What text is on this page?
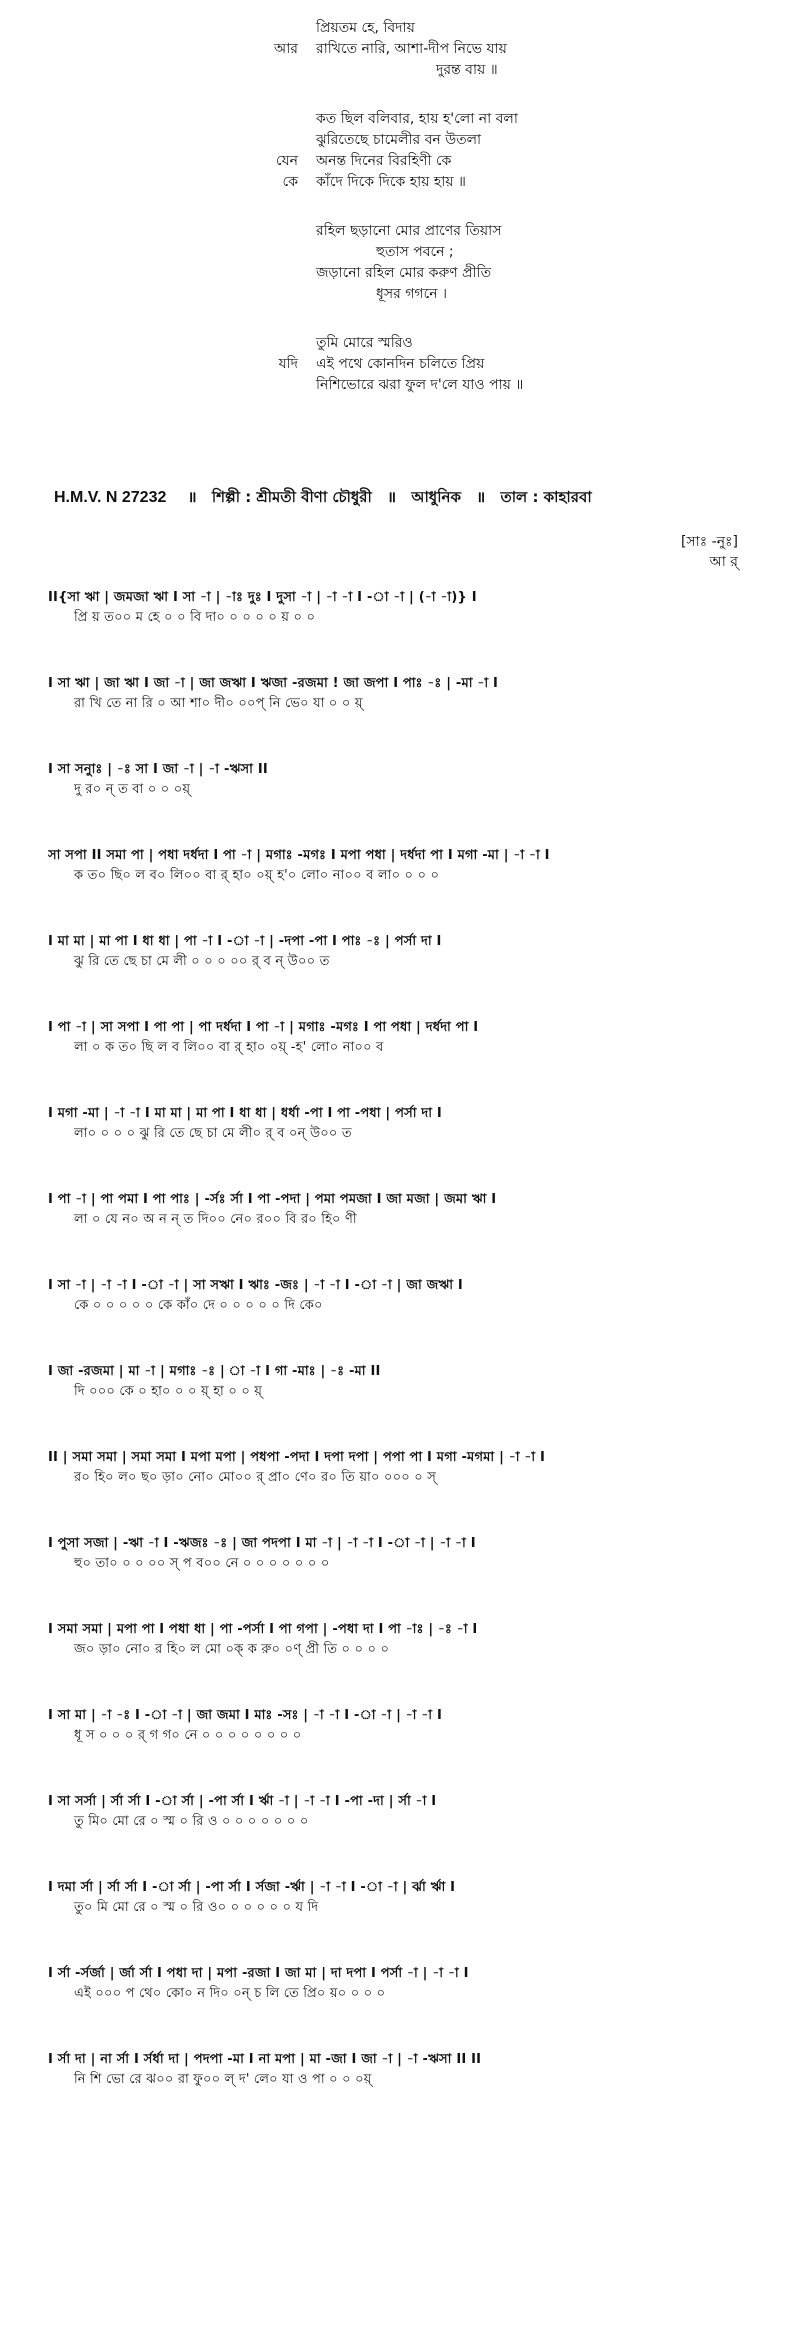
প্রিয়তম হে, বিদায়
আর	রাখিতে নারি, আশা-দীপ নিভে যায়
দুরন্ত বায় ॥
কত ছিল বলিবার, হায় হ'লো না বলা
ঝুরিতেছে চামেলীর বন উতলা
যেন	অনন্ত দিনের বিরহিণী কে
কে	কাঁদে দিকে দিকে হায় হায় ॥
রহিল ছড়ানো মোর প্রাণের তিয়াস
হুতাস পবনে ;
জড়ানো রহিল মোর করুণ প্রীতি
ধূসর গগনে ।
তুমি মোরে স্মরিও
যদি	এই পথে কোনদিন চলিতে প্রিয়
নিশিভোরে ঝরা ফুল দ'লে যাও পায় ॥
H.M.V. N 27232 ॥ শিল্পী : শ্রীমতী বীণা চৌধুরী ॥ আধুনিক ॥ তাল : কাহারবা
[সাঃ -নুঃ]
আ র্
II{সা ঋা | জমজা ঋা I সা -া | -াঃ দুঃ I দুসা -া | -া -া I -া -া | (-া -া)} I
প্রি য় ত০০ ম হে ০ ০ বি দা০ ০ ০ ০ ০ য় ০ ০
I সা ঋা | জা ঋা I জা -া | জা জঋা I ঋজা -রজমা ! জা জপা I পাঃ -ঃ | -মা -া I
রা খি তে না রি ০ আ শা০ দী০ ০০প্ নি ভে০ যা ০ ০ য়্
I সা সনুাঃ | -ঃ সা I জা -া | -া -ঋসা II
দু র০ ন্ ত বা ০ ০ ০য়্
সা সপা II সমা পা | পধা দর্ধদা I পা -া | মগাঃ -মগঃ I মপা পধা | দর্ধদা পা I মগা -মা | -া -া I
ক ত০ ছি০ ল ব০ লি০০ বা র্ হা০ ০য়্ হ'০ লো০ না০০ ব লা০ ০ ০ ০
I মা মা | মা পা I ধা ধা | পা -া I -া -া | -দপা -পা I পাঃ -ঃ | পর্সা দা I
ঝু রি তে ছে চা মে লী ০ ০ ০ ০০ র্ ব ন্ উ০০ ত
I পা -া | সা সপা I পা পা | পা দর্ধদা I পা -া | মগাঃ -মগঃ I পা পধা | দর্ধদা পা I
লা ০ ক ত০ ছি ল ব লি০০ বা র্ হা০ ০য়্ -হ' লো০ না০০ ব
I মগা -মা | -া -া I মা মা | মা পা I ধা ধা | ধর্ধা -পা I পা -পধা | পর্সা দা I
লা০ ০ ০ ০ ঝু রি তে ছে চা মে লী০ র্ ব ০ন্ উ০০ ত
I পা -া | পা পমা I পা পাঃ | -র্সঃ র্সা I পা -পদা | পমা পমজা I জা মজা | জমা ঋা I
লা ০ যে ন০ অ ন ন্ ত দি০০ নে০ র০০ বি র০ হি০ ণী
I সা -া | -া -া I -া -া | সা সঋা I ঋাঃ -জঃ | -া -া I -া -া | জা জঋা I
কে ০ ০ ০ ০ ০ কে কাঁ০ দে ০ ০ ০ ০ ০ দি কে০
I জা -রজমা | মা -া | মগাঃ -ঃ | া -া I গা -মাঃ | -ঃ -মা II
দি ০০০ কে ০ হা০ ০ ০ য়্ হা ০ ০ য়্
II | সমা সমা | সমা সমা I মপা মপা | পধপা -পদা I দপা দপা | পপা পা I মগা -মগমা | -া -া I
র০ হি০ ল০ ছ০ ড়া০ নো০ মো০০ র্ প্রা০ ণে০ র০ তি য়া০ ০০০ ০ স্
I পুসা সজা | -ঋা -া I -ঋজঃ -ঃ | জা পদপা I মা -া | -া -া I -া -া | -া -া I
হু০ তা০ ০ ০ ০০ স্ প ব০০ নে ০ ০ ০ ০ ০ ০ ০
I সমা সমা | মপা পা I পধা ধা | পা -পর্সা I পা গপা | -পধা দা I পা -াঃ | -ঃ -া I
জ০ ড়া০ নো০ র হি০ ল মো ০ক্ ক রু০ ০ণ্ প্রী তি ০ ০ ০ ০
I সা মা | -া -ঃ I -া -া | জা জমা I মাঃ -সঃ | -া -া I -া -া | -া -া I
ধূ স ০ ০ ০ র্ গ গ০ নে ০ ০ ০ ০ ০ ০ ০ ০
I সা সর্সা | র্সা র্সা I -া র্সা | -পা র্সা I র্ঋা -া | -া -া I -পা -দা | র্সা -া I
তু মি০ মো রে ০ স্ম ০ রি ও ০ ০ ০ ০ ০ ০ ০
I দমা র্সা | র্সা র্সা I -া র্সা | -পা র্সা I র্সজা -র্ঋা | -া -া I -া -া | র্ঝা র্ঋা I
তু০ মি মো রে ০ স্ম ০ রি ও০ ০ ০ ০ ০ ০ য দি
I র্সা -র্সর্জা | র্জা র্সা I পধা দা | মপা -রজা I জা মা | দা দপা I পর্সা -া | -া -া I
এই ০০০ প থে০ কো০ ন দি০ ০ন্ চ লি তে প্রি০ য়০ ০ ০ ০
I র্সা দা | না র্সা I র্সর্ধা দা | পদপা -মা I না মপা | মা -জা I জা -া | -া -ঋসা II II
নি শি ভো রে ঝ০০ রা ফু০০ ল্ দ' লে০ যা ও পা ০ ০ ০য়্
